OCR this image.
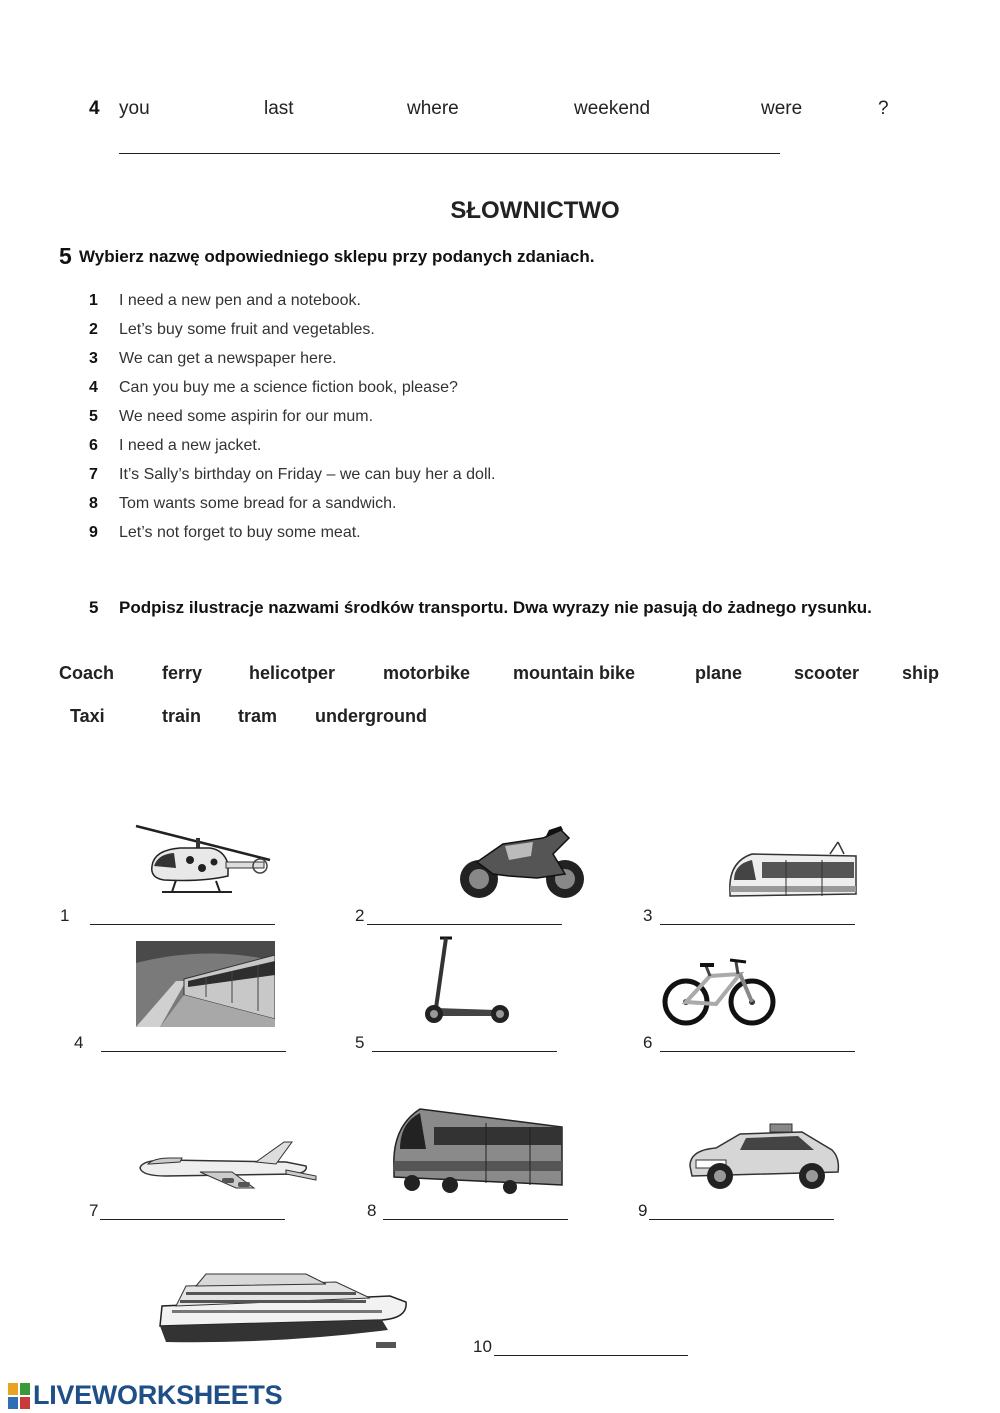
4 you	last	where	weekend	were	?
SŁOWNICTWO
5 Wybierz nazwę odpowiedniego sklepu przy podanych zdaniach.
1 I need a new pen and a notebook.
2 Let’s buy some fruit and vegetables.
3 We can get a newspaper here.
4 Can you buy me a science fiction book, please?
5 We need some aspirin for our mum.
6 I need a new jacket.
7 It’s Sally’s birthday on Friday – we can buy her a doll.
8 Tom wants some bread for a sandwich.
9 Let’s not forget to buy some meat.
5 Podpisz ilustracje nazwami środków transportu. Dwa wyrazy nie pasują do żadnego rysunku.
Coach	ferry	helicotper	motorbike mountain bike	plane	scooter ship
Taxi	train tram underground
1	2	3
4	5	6
7	8	9
10
LIVEWORKSHEETS
